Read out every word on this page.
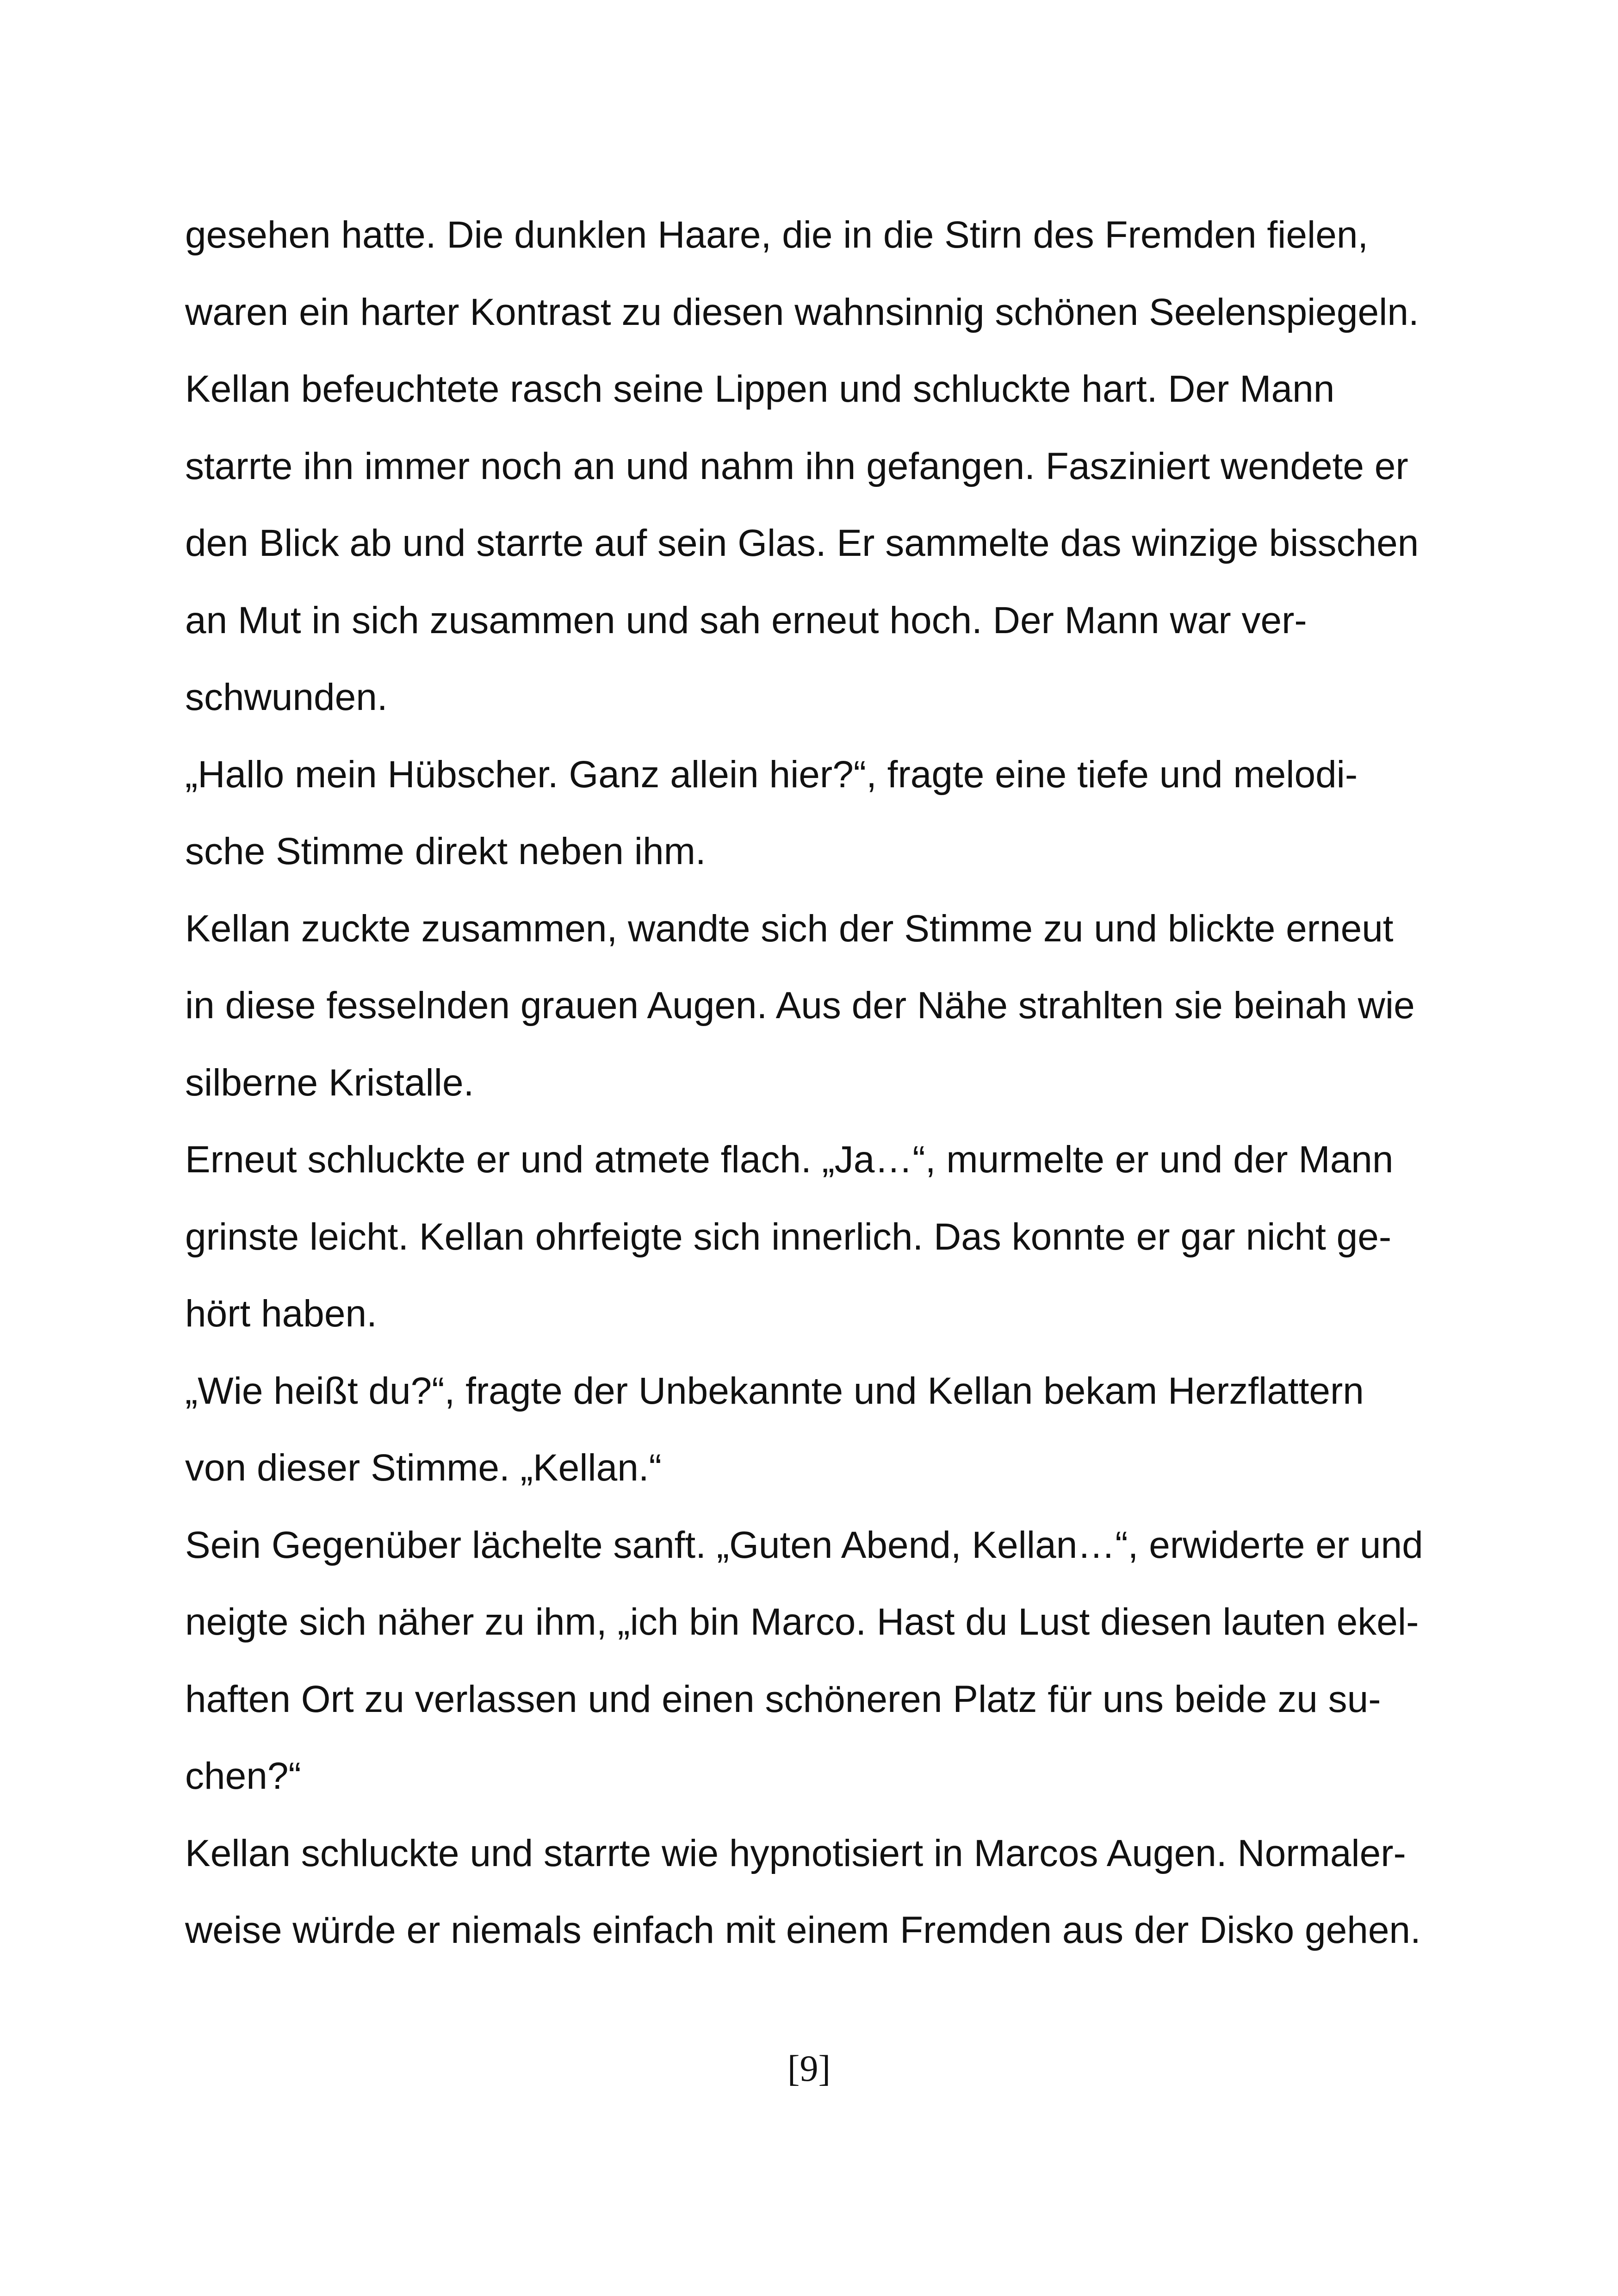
gesehen hatte. Die dunklen Haare, die in die Stirn des Fremden fielen,
waren ein harter Kontrast zu diesen wahnsinnig schönen Seelenspiegeln.
Kellan befeuchtete rasch seine Lippen und schluckte hart. Der Mann
starrte ihn immer noch an und nahm ihn gefangen. Fasziniert wendete er
den Blick ab und starrte auf sein Glas. Er sammelte das winzige bisschen
an Mut in sich zusammen und sah erneut hoch. Der Mann war ver-
schwunden.
„Hallo mein Hübscher. Ganz allein hier?“, fragte eine tiefe und melodi-
sche Stimme direkt neben ihm.
Kellan zuckte zusammen, wandte sich der Stimme zu und blickte erneut
in diese fesselnden grauen Augen. Aus der Nähe strahlten sie beinah wie
silberne Kristalle.
Erneut schluckte er und atmete flach. „Ja…“, murmelte er und der Mann
grinste leicht. Kellan ohrfeigte sich innerlich. Das konnte er gar nicht ge-
hört haben.
„Wie heißt du?“, fragte der Unbekannte und Kellan bekam Herzflattern
von dieser Stimme. „Kellan.“
Sein Gegenüber lächelte sanft. „Guten Abend, Kellan…“, erwiderte er und
neigte sich näher zu ihm, „ich bin Marco. Hast du Lust diesen lauten ekel-
haften Ort zu verlassen und einen schöneren Platz für uns beide zu su-
chen?“
Kellan schluckte und starrte wie hypnotisiert in Marcos Augen. Normaler-
weise würde er niemals einfach mit einem Fremden aus der Disko gehen.
[9]
